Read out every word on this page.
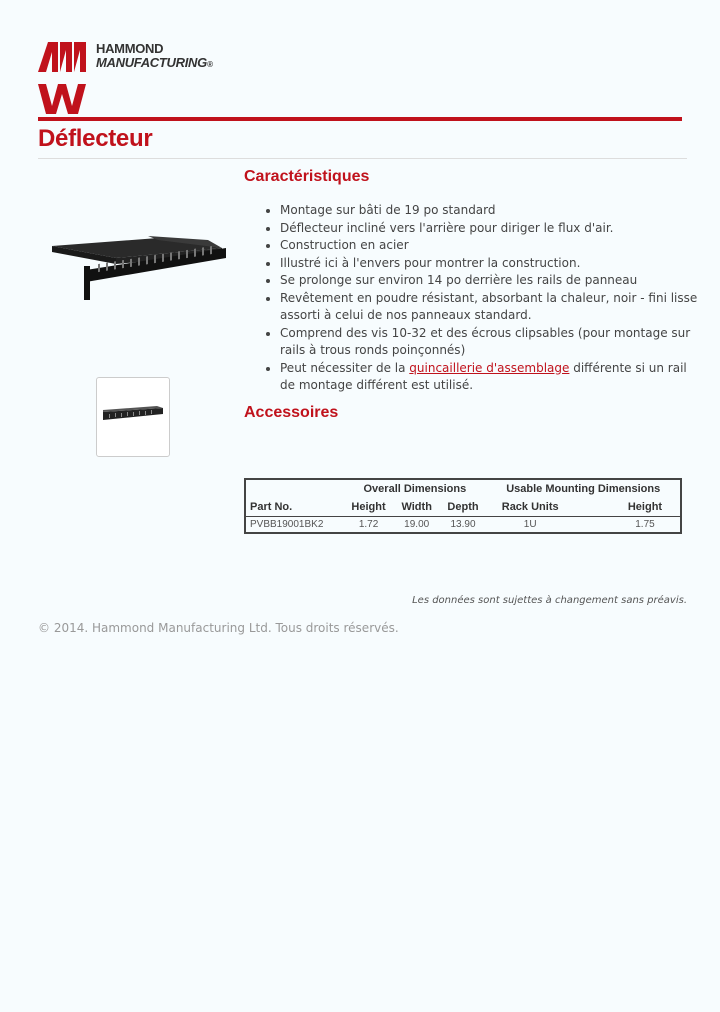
HAMMOND
MANUFACTURING®
Déflecteur
Caractéristiques
• Montage sur bâti de 19 po standard
• Déflecteur incliné vers l'arrière pour diriger le flux d'air.
• Construction en acier
• Illustré ici à l'envers pour montrer la construction.
• Se prolonge sur environ 14 po derrière les rails de panneau
• Revêtement en poudre résistant, absorbant la chaleur, noir - fini lisse assorti à celui de nos panneaux standard.
• Comprend des vis 10-32 et des écrous clipsables (pour montage sur rails à trous ronds poinçonnés)
• Peut nécessiter de la quincaillerie d'assemblage différente si un rail de montage différent est utilisé.
Accessoires
	Overall Dimensions			Usable Mounting Dimensions	
Part No.	Height	Width	Depth	Rack Units	Height
PVBB19001BK2	1.72	19.00	13.90	1U	1.75
Les données sont sujettes à changement sans préavis.
© 2014. Hammond Manufacturing Ltd. Tous droits réservés.
